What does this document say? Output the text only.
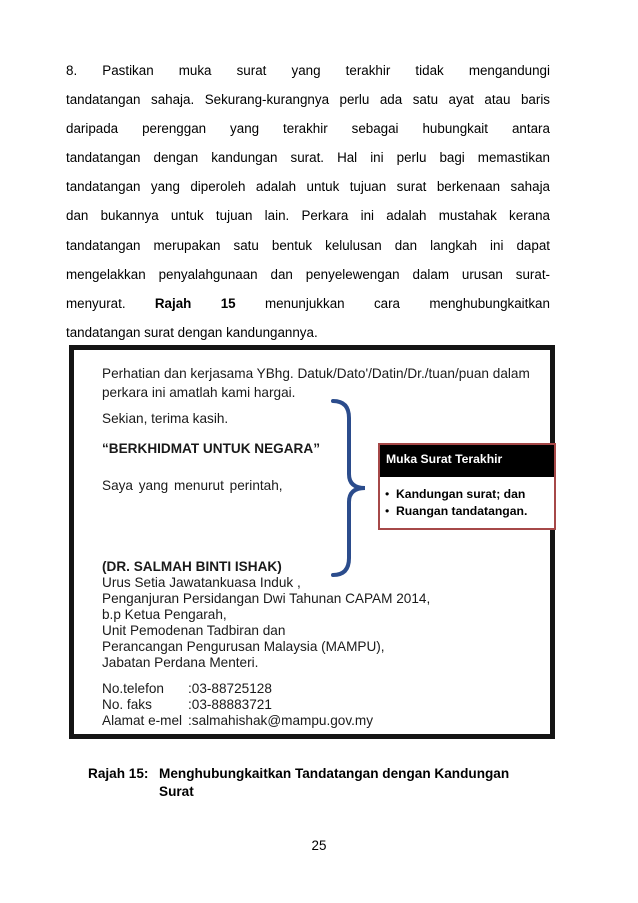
8. Pastikan muka surat yang terakhir tidak mengandungi
tandatangan sahaja. Sekurang-kurangnya perlu ada satu ayat atau baris
daripada perenggan yang terakhir sebagai hubungkait antara
tandatangan dengan kandungan surat. Hal ini perlu bagi memastikan
tandatangan yang diperoleh adalah untuk tujuan surat berkenaan sahaja
dan bukannya untuk tujuan lain. Perkara ini adalah mustahak kerana
tandatangan merupakan satu bentuk kelulusan dan langkah ini dapat
mengelakkan penyalahgunaan dan penyelewengan dalam urusan surat-
menyurat. Rajah 15 menunjukkan cara menghubungkaitkan
tandatangan surat dengan kandungannya.
Perhatian dan kerjasama YBhg. Datuk/Dato'/Datin/Dr./tuan/puan dalam
perkara ini amatlah kami hargai.
Sekian, terima kasih.
“BERKHIDMAT UNTUK NEGARA”
Saya yang menurut perintah,
(DR. SALMAH BINTI ISHAK)
Urus Setia Jawatankuasa Induk ,
Penganjuran Persidangan Dwi Tahunan CAPAM 2014,
b.p Ketua Pengarah,
Unit Pemodenan Tadbiran dan
Perancangan Pengurusan Malaysia (MAMPU),
Jabatan Perdana Menteri.
No.telefon :03-88725128
No. faks	:03-88883721
Alamat e-mel :salmahishak@mampu.gov.my
Muka Surat Terakhir
• Kandungan surat; dan
• Ruangan tandatangan.
Rajah 15: Menghubungkaitkan Tandatangan dengan Kandungan
Surat
25
